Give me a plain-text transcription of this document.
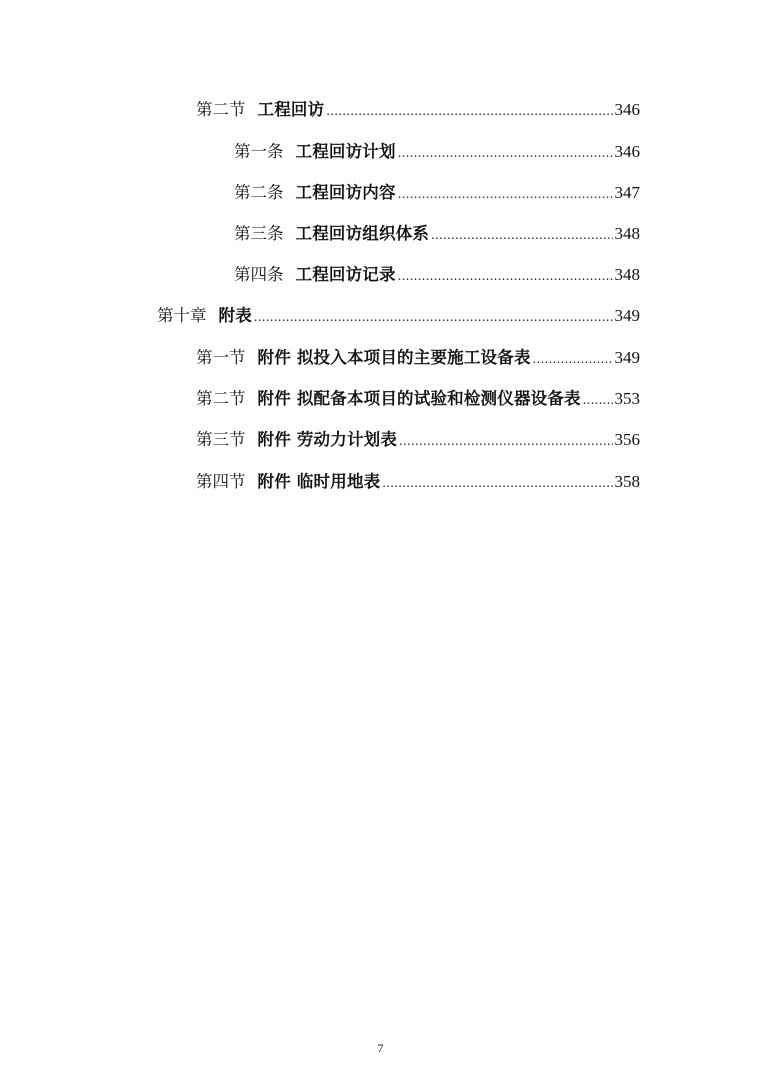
第二节 工程回访 .....	346
第一条 工程回访计划 .....	346
第二条 工程回访内容 .....	347
第三条 工程回访组织体系 .....	348
第四条 工程回访记录 .....	348
第十章 附表 .....	349
第一节 附件 拟投入本项目的主要施工设备表 .....	349
第二节 附件 拟配备本项目的试验和检测仪器设备表 ..... 353
第三节 附件 劳动力计划表 .....	356
第四节 附件 临时用地表 .....	358
7
